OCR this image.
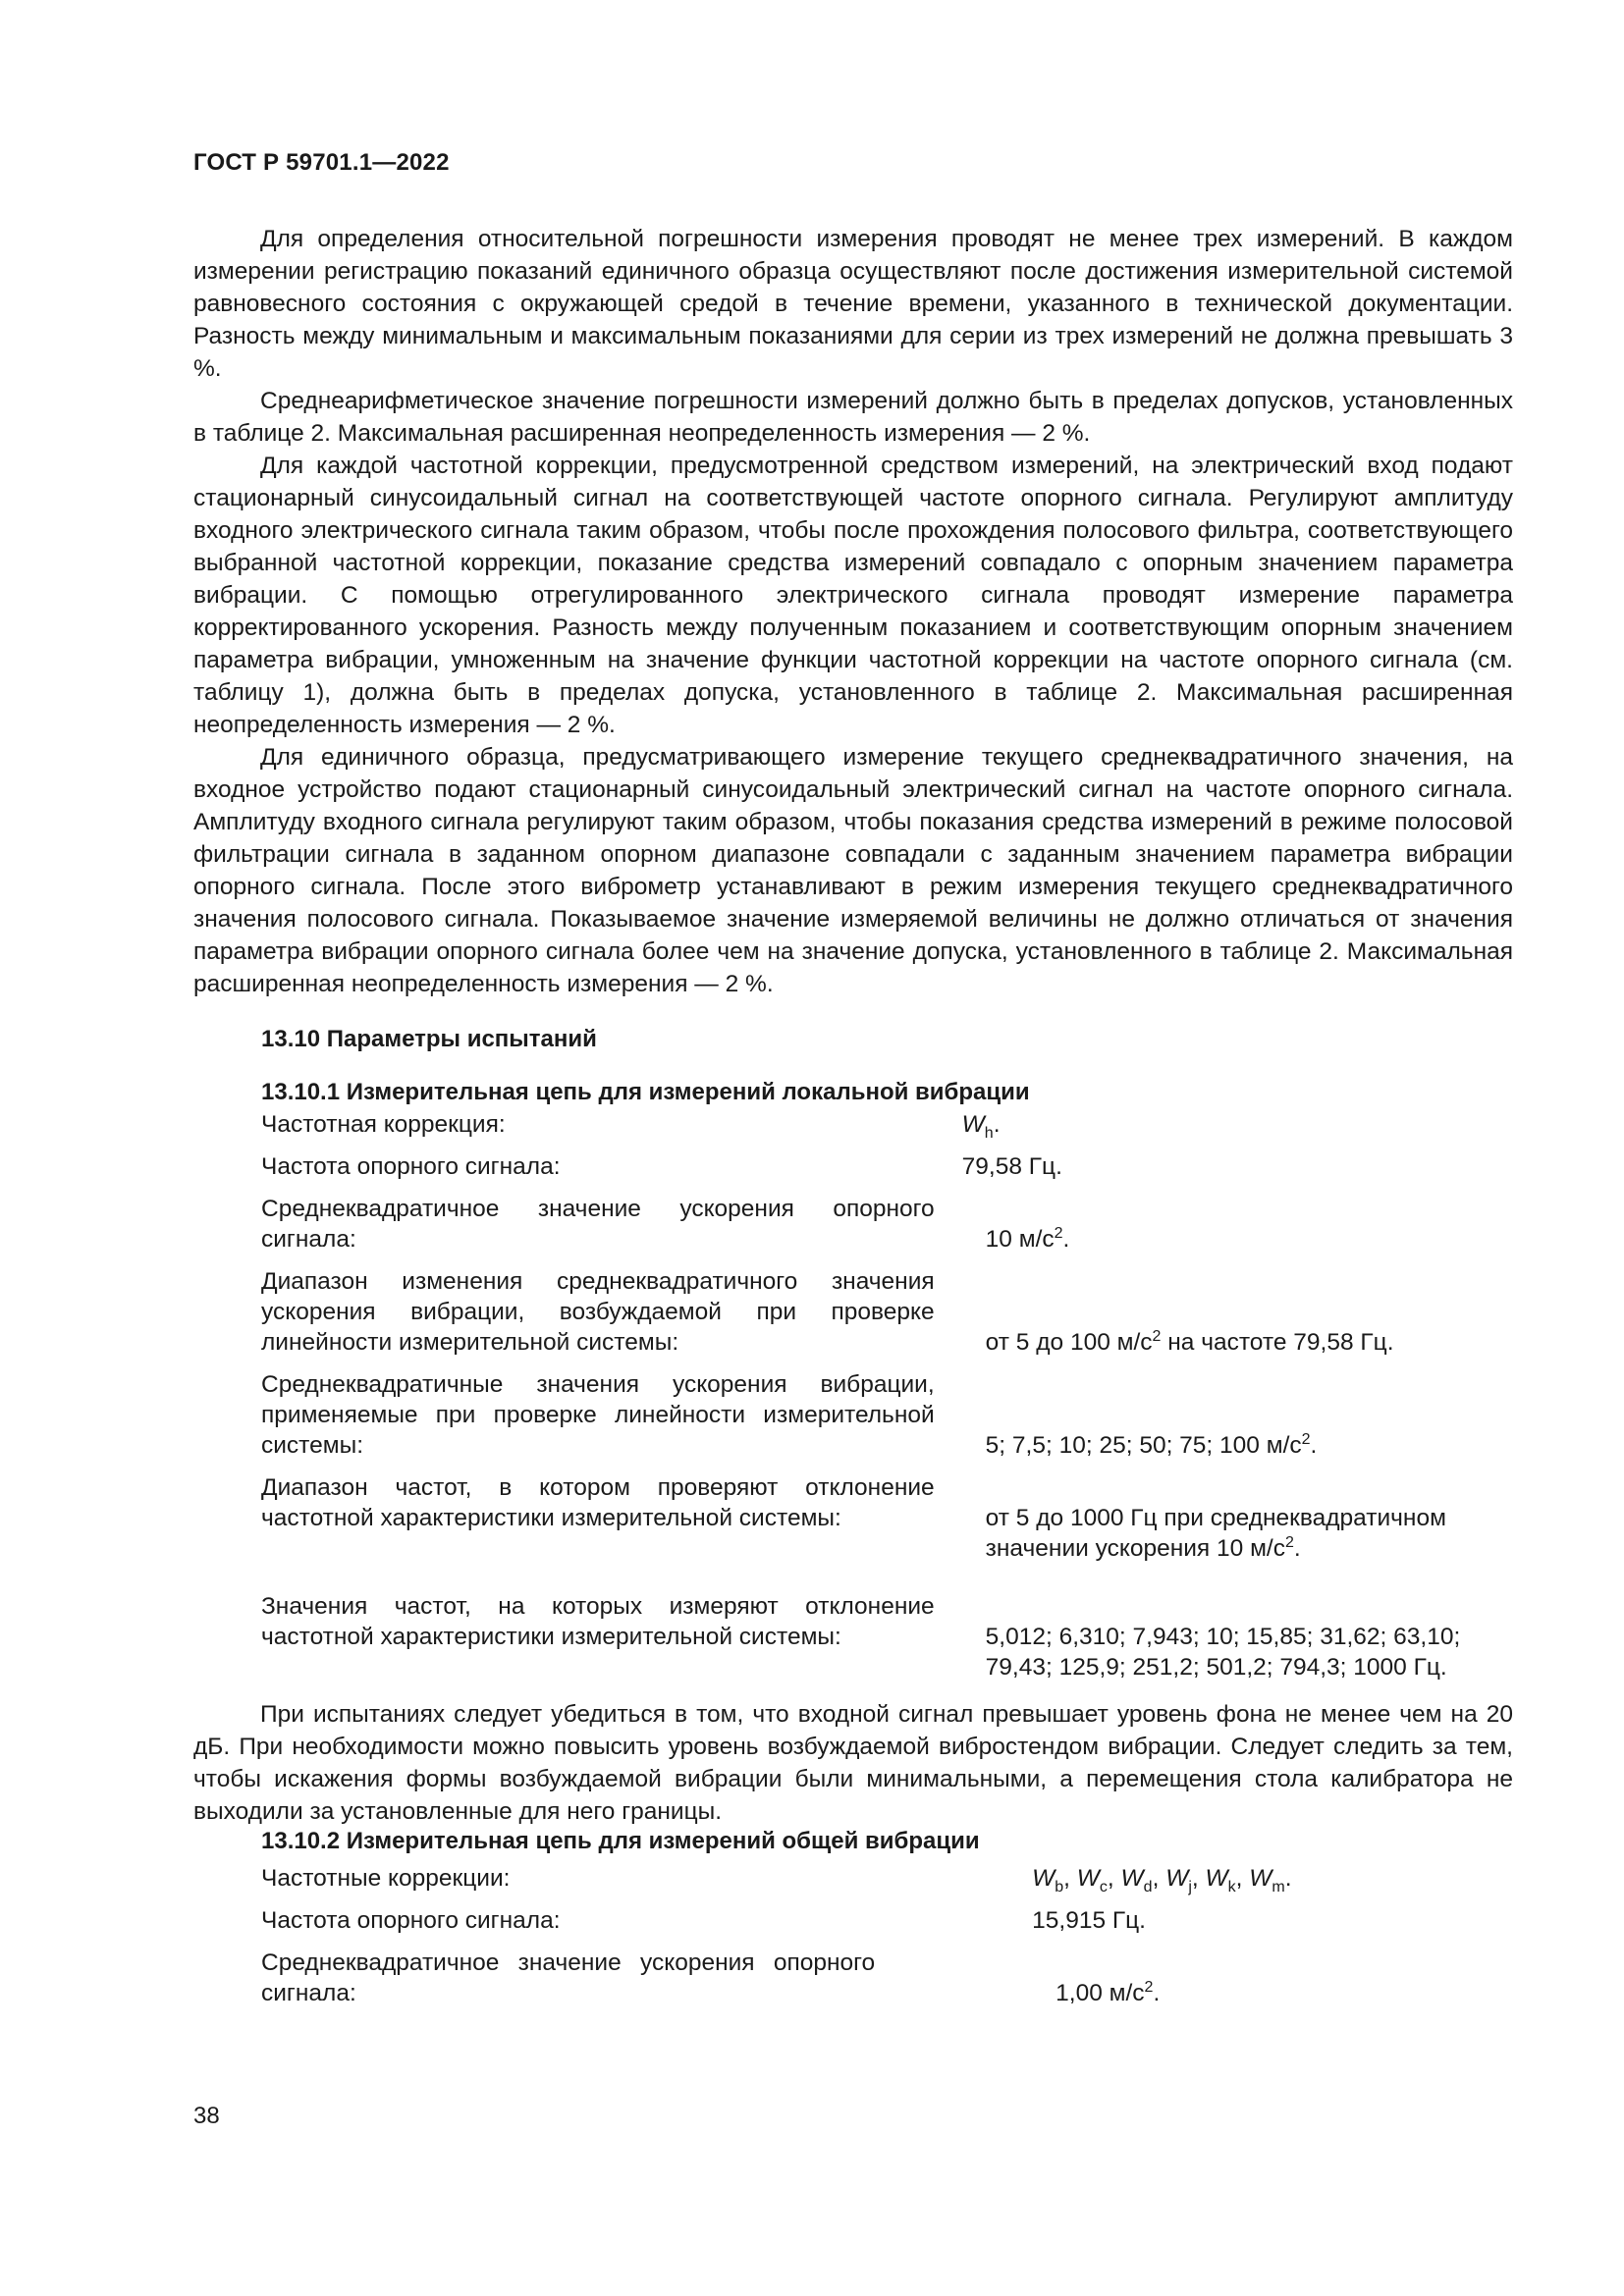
ГОСТ Р 59701.1—2022

Для определения относительной погрешности измерения проводят не менее трех измерений. В каждом измерении регистрацию показаний единичного образца осуществляют после достижения измерительной системой равновесного состояния с окружающей средой в течение времени, указанного в технической документации. Разность между минимальным и максимальным показаниями для серии из трех измерений не должна превышать 3 %.

Среднеарифметическое значение погрешности измерений должно быть в пределах допусков, установленных в таблице 2. Максимальная расширенная неопределенность измерения — 2 %.

Для каждой частотной коррекции, предусмотренной средством измерений, на электрический вход подают стационарный синусоидальный сигнал на соответствующей частоте опорного сигнала. Регулируют амплитуду входного электрического сигнала таким образом, чтобы после прохождения полосового фильтра, соответствующего выбранной частотной коррекции, показание средства измерений совпадало с опорным значением параметра вибрации. С помощью отрегулированного электрического сигнала проводят измерение параметра корректированного ускорения. Разность между полученным показанием и соответствующим опорным значением параметра вибрации, умноженным на значение функции частотной коррекции на частоте опорного сигнала (см. таблицу 1), должна быть в пределах допуска, установленного в таблице 2. Максимальная расширенная неопределенность измерения — 2 %.

Для единичного образца, предусматривающего измерение текущего среднеквадратичного значения, на входное устройство подают стационарный синусоидальный электрический сигнал на частоте опорного сигнала. Амплитуду входного сигнала регулируют таким образом, чтобы показания средства измерений в режиме полосовой фильтрации сигнала в заданном опорном диапазоне совпадали с заданным значением параметра вибрации опорного сигнала. После этого виброметр устанавливают в режим измерения текущего среднеквадратичного значения полосового сигнала. Показываемое значение измеряемой величины не должно отличаться от значения параметра вибрации опорного сигнала более чем на значение допуска, установленного в таблице 2. Максимальная расширенная неопределенность измерения — 2 %.

13.10 Параметры испытаний
13.10.1 Измерительная цепь для измерений локальной вибрации
Частотная коррекция:	$W_h$.
Частота опорного сигнала:	79,58 Гц.
Среднеквадратичное значение ускорения опорного сигнала:	10 $м/с^2$.
Диапазон изменения среднеквадратичного значения ускорения вибрации, возбуждаемой при проверке линейности измерительной системы:	от 5 до 100 $м/с^2$ на частоте 79,58 Гц.
Среднеквадратичные значения ускорения вибрации, применяемые при проверке линейности измерительной системы:	5; 7,5; 10; 25; 50; 75; 100 $м/с^2$.
Диапазон частот, в котором проверяют отклонение частотной характеристики измерительной системы:	от 5 до 1000 Гц при среднеквадратичном значении ускорения 10 $м/с^2$.
Значения частот, на которых измеряют отклонение частотной характеристики измерительной системы:	5,012; 6,310; 7,943; 10; 15,85; 31,62; 63,10; 79,43; 125,9; 251,2; 501,2; 794,3; 1000 Гц.
При испытаниях следует убедиться в том, что входной сигнал превышает уровень фона не менее чем на 20 дБ. При необходимости можно повысить уровень возбуждаемой вибростендом вибрации. Следует следить за тем, чтобы искажения формы возбуждаемой вибрации были минимальными, а перемещения стола калибратора не выходили за установленные для него границы.
13.10.2 Измерительная цепь для измерений общей вибрации
Частотные коррекции:	$W_b$, $W_c$, $W_d$, $W_j$, $W_k$, $W_m$.
Частота опорного сигнала:	15,915 Гц.
Среднеквадратичное значение ускорения опорного сигнала:	1,00 $м/с^2$.
38
